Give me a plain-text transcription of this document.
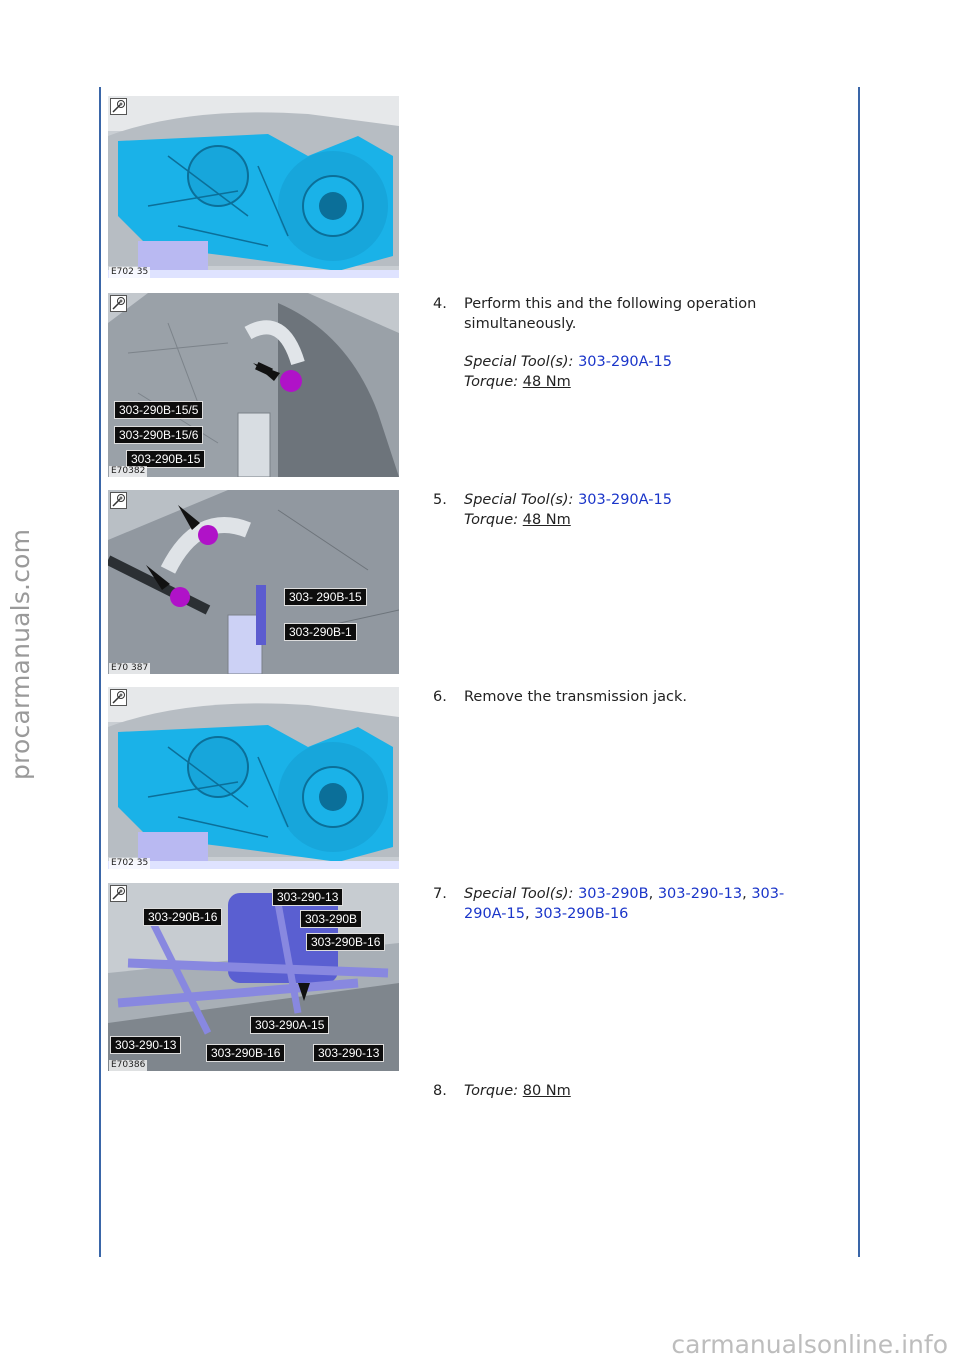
procarmanuals.com
carmanualsonline.info
E702 35
303-290B-15/5
303-290B-15/6
303-290B-15
E70382
303- 290B-15
303-290B-1
E70 387
E702 35
303-290-13
303-290B-16	303-290B
303-290B-16
303-290A-15
303-290-13
303-290B-16	303-290-13
E70386
4. Perform this and the following operation
simultaneously.
Special Tool(s): 303-290A-15
Torque: 48 Nm
5. Special Tool(s): 303-290A-15
Torque: 48 Nm
6. Remove the transmission jack.
7. Special Tool(s): 303-290B, 303-290-13, 303-
290A-15, 303-290B-16
8. Torque: 80 Nm
